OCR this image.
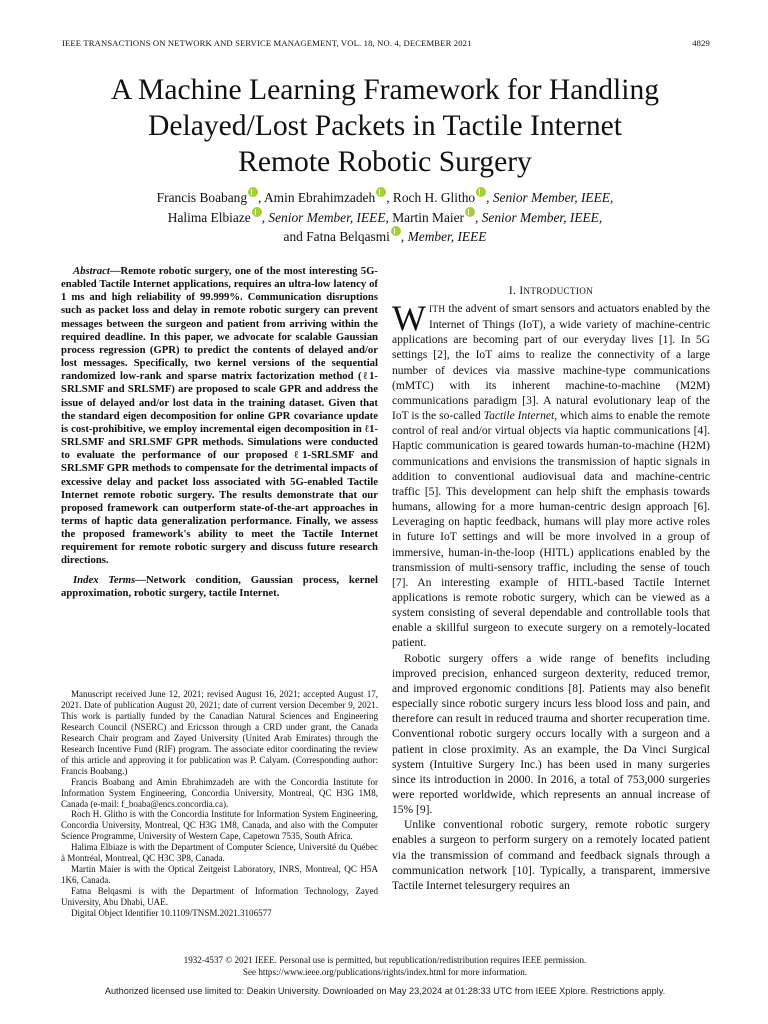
IEEE TRANSACTIONS ON NETWORK AND SERVICE MANAGEMENT, VOL. 18, NO. 4, DECEMBER 2021	4829
A Machine Learning Framework for Handling
Delayed/Lost Packets in Tactile Internet
Remote Robotic Surgery
Francis Boabang , Amin Ebrahimzadeh , Roch H. Glitho , Senior Member, IEEE,
Halima Elbiaze , Senior Member, IEEE, Martin Maier , Senior Member, IEEE,
and Fatna Belqasmi , Member, IEEE

Abstract—Remote robotic surgery, one of the most interesting 5G-enabled Tactile Internet applications, requires an ultra-low latency of 1 ms and high reliability of 99.999%. Communication disruptions such as packet loss and delay in remote robotic surgery can prevent messages between the surgeon and patient from arriving within the required deadline. In this paper, we advocate for scalable Gaussian process regression (GPR) to predict the contents of delayed and/or lost messages. Specifically, two kernel versions of the sequential randomized low-rank and sparse matrix factorization method (ℓ1-SRLSMF and SRLSMF) are proposed to scale GPR and address the issue of delayed and/or lost data in the training dataset. Given that the standard eigen decomposition for online GPR covariance update is cost-prohibitive, we employ incremental eigen decomposition in ℓ1-SRLSMF and SRLSMF GPR methods. Simulations were conducted to evaluate the performance of our proposed ℓ1-SRLSMF and SRLSMF GPR methods to compensate for the detrimental impacts of excessive delay and packet loss associated with 5G-enabled Tactile Internet remote robotic surgery. The results demonstrate that our proposed framework can outperform state-of-the-art approaches in terms of haptic data generalization performance. Finally, we assess the proposed framework's ability to meet the Tactile Internet requirement for remote robotic surgery and discuss future research directions.

Index Terms—Network condition, Gaussian process, kernel approximation, robotic surgery, tactile Internet.

Manuscript received June 12, 2021; revised August 16, 2021; accepted August 17, 2021. Date of publication August 20, 2021; date of current version December 9, 2021. This work is partially funded by the Canadian Natural Sciences and Engineering Research Council (NSERC) and Ericsson through a CRD under grant, the Canada Research Chair program and Zayed University (United Arab Emirates) through the Research Incentive Fund (RIF) program. The associate editor coordinating the review of this article and approving it for publication was P. Calyam. (Corresponding author: Francis Boabang.)

Francis Boabang and Amin Ebrahimzadeh are with the Concordia Institute for Information System Engineering, Concordia University, Montreal, QC H3G 1M8, Canada (e-mail: f_boaba@encs.concordia.ca).

Roch H. Glitho is with the Concordia Institute for Information System Engineering, Concordia University, Montreal, QC H3G 1M8, Canada, and also with the Computer Science Programme, University of Western Cape, Capetown 7535, South Africa.

Halima Elbiaze is with the Department of Computer Science, Université du Québec à Montréal, Montreal, QC H3C 3P8, Canada.

Martin Maier is with the Optical Zeitgeist Laboratory, INRS, Montreal, QC H5A 1K6, Canada.

Fatna Belqasmi is with the Department of Information Technology, Zayed University, Abu Dhabi, UAE.

Digital Object Identifier 10.1109/TNSM.2021.3106577

I. INTRODUCTION

WITH the advent of smart sensors and actuators enabled by the Internet of Things (IoT), a wide variety of machine-centric applications are becoming part of our everyday lives [1]. In 5G settings [2], the IoT aims to realize the connectivity of a large number of devices via massive machine-type communications (mMTC) with its inherent machine-to-machine (M2M) communications paradigm [3]. A natural evolutionary leap of the IoT is the so-called Tactile Internet, which aims to enable the remote control of real and/or virtual objects via haptic communications [4]. Haptic communication is geared towards human-to-machine (H2M) communications and envisions the transmission of haptic signals in addition to conventional audiovisual data and machine-centric traffic [5]. This development can help shift the emphasis towards humans, allowing for a more human-centric design approach [6]. Leveraging on haptic feedback, humans will play more active roles in future IoT settings and will be more involved in a group of immersive, human-in-the-loop (HITL) applications enabled by the transmission of multi-sensory traffic, including the sense of touch [7]. An interesting example of HITL-based Tactile Internet applications is remote robotic surgery, which can be viewed as a system consisting of several dependable and controllable tools that enable a skillful surgeon to execute surgery on a remotely-located patient.

Robotic surgery offers a wide range of benefits including improved precision, enhanced surgeon dexterity, reduced tremor, and improved ergonomic conditions [8]. Patients may also benefit especially since robotic surgery incurs less blood loss and pain, and therefore can result in reduced trauma and shorter recuperation time. Conventional robotic surgery occurs locally with a surgeon and a patient in close proximity. As an example, the Da Vinci Surgical system (Intuitive Surgery Inc.) has been used in many surgeries since its introduction in 2000. In 2016, a total of 753,000 surgeries were reported worldwide, which represents an annual increase of 15% [9].

Unlike conventional robotic surgery, remote robotic surgery enables a surgeon to perform surgery on a remotely located patient via the transmission of command and feedback signals through a communication network [10]. Typically, a transparent, immersive Tactile Internet telesurgery requires an

1932-4537 © 2021 IEEE. Personal use is permitted, but republication/redistribution requires IEEE permission.
See https://www.ieee.org/publications/rights/index.html for more information.
Authorized licensed use limited to: Deakin University. Downloaded on May 23,2024 at 01:28:33 UTC from IEEE Xplore. Restrictions apply.
